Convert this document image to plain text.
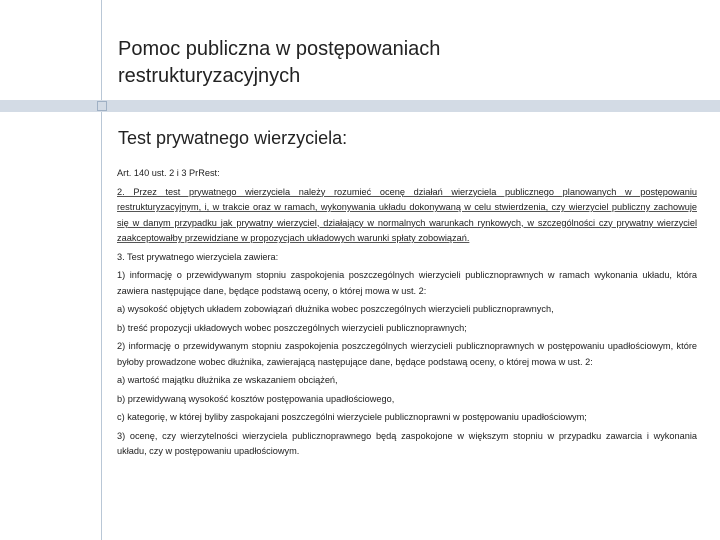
Pomoc publiczna w postępowaniach
restrukturyzacyjnych
Test prywatnego wierzyciela:

Art. 140 ust. 2 i 3 PrRest:

2. Przez test prywatnego wierzyciela należy rozumieć ocenę działań wierzyciela publicznego planowanych w postępowaniu restrukturyzacyjnym, i, w trakcie oraz w ramach, wykonywania układu dokonywaną w celu stwierdzenia, czy wierzyciel publiczny zachowuje się w danym przypadku jak prywatny wierzyciel, działający w normalnych warunkach rynkowych, w szczególności czy prywatny wierzyciel zaakceptowałby przewidziane w propozycjach układowych warunki spłaty zobowiązań.

3. Test prywatnego wierzyciela zawiera:

1) informację o przewidywanym stopniu zaspokojenia poszczególnych wierzycieli publicznoprawnych w ramach wykonania układu, która zawiera następujące dane, będące podstawą oceny, o której mowa w ust. 2:

a) wysokość objętych układem zobowiązań dłużnika wobec poszczególnych wierzycieli publicznoprawnych,

b) treść propozycji układowych wobec poszczególnych wierzycieli publicznoprawnych;

2) informację o przewidywanym stopniu zaspokojenia poszczególnych wierzycieli publicznoprawnych w postępowaniu upadłościowym, które byłoby prowadzone wobec dłużnika, zawierającą następujące dane, będące podstawą oceny, o której mowa w ust. 2:

a) wartość majątku dłużnika ze wskazaniem obciążeń,

b) przewidywaną wysokość kosztów postępowania upadłościowego,

c) kategorię, w której byliby zaspokajani poszczególni wierzyciele publicznoprawni w postępowaniu upadłościowym;

3) ocenę, czy wierzytelności wierzyciela publicznoprawnego będą zaspokojone w większym stopniu w przypadku zawarcia i wykonania układu, czy w postępowaniu upadłościowym.
